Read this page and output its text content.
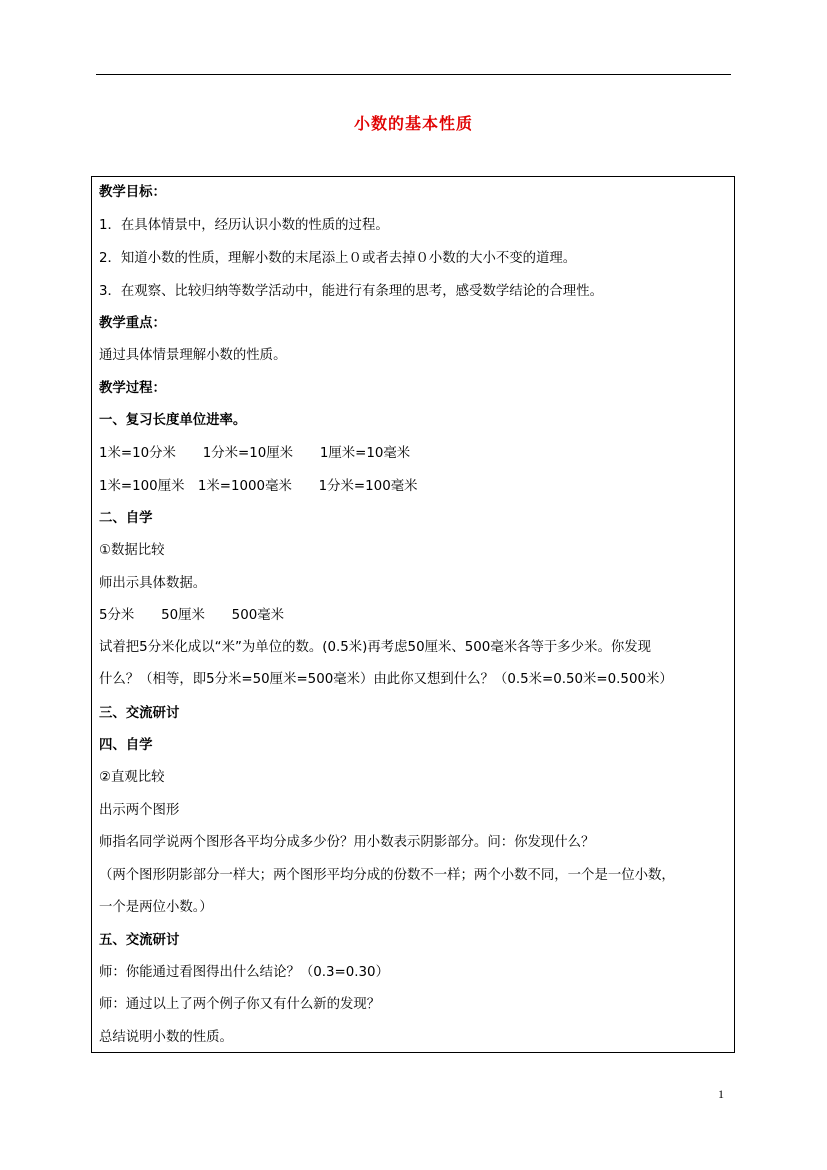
小数的基本性质
教学目标：
1．在具体情景中，经历认识小数的性质的过程。
2．知道小数的性质，理解小数的末尾添上０或者去掉０小数的大小不变的道理。
3．在观察、比较归纳等数学活动中，能进行有条理的思考，感受数学结论的合理性。
教学重点：
通过具体情景理解小数的性质。
教学过程：
一、复习长度单位进率。
1米=10分米　　1分米=10厘米　　1厘米=10毫米
1米=100厘米　1米=1000毫米　　1分米=100毫米
二、自学
①数据比较
师出示具体数据。
5分米　　50厘米　　500毫米
试着把5分米化成以“米”为单位的数。(0.5米)再考虑50厘米、500毫米各等于多少米。你发现
什么？（相等，即5分米=50厘米=500毫米）由此你又想到什么？（0.5米=0.50米=0.500米）
三、交流研讨
四、自学
②直观比较
出示两个图形
师指名同学说两个图形各平均分成多少份？用小数表示阴影部分。问：你发现什么？
（两个图形阴影部分一样大；两个图形平均分成的份数不一样；两个小数不同，一个是一位小数，
一个是两位小数。）
五、交流研讨
师：你能通过看图得出什么结论？（0.3=0.30）
师：通过以上了两个例子你又有什么新的发现？
总结说明小数的性质。
1
